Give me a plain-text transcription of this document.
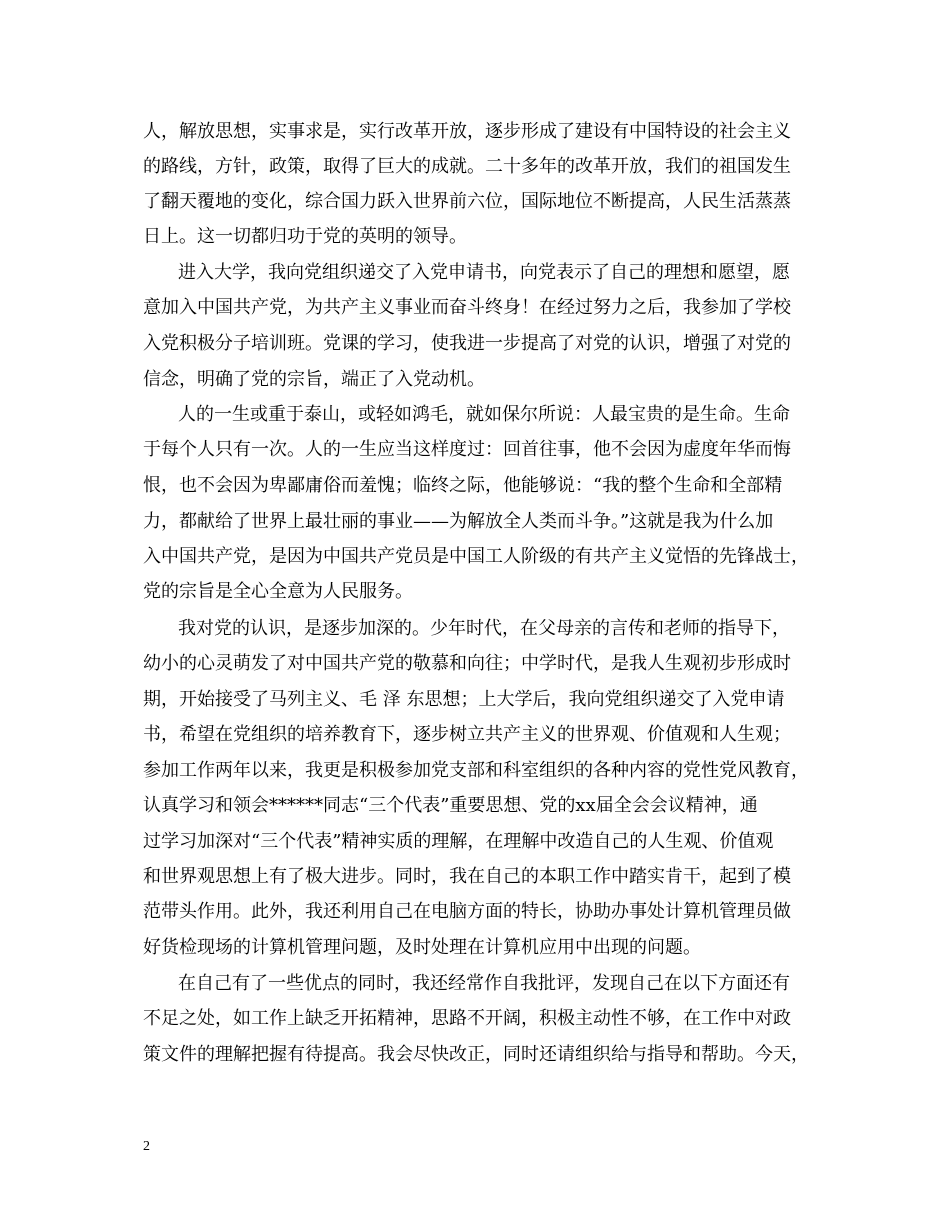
人，解放思想，实事求是，实行改革开放，逐步形成了建设有中国特设的社会主义
的路线，方针，政策，取得了巨大的成就。二十多年的改革开放，我们的祖国发生
了翻天覆地的变化，综合国力跃入世界前六位，国际地位不断提高，人民生活蒸蒸
日上。这一切都归功于党的英明的领导。
进入大学，我向党组织递交了入党申请书，向党表示了自己的理想和愿望，愿
意加入中国共产党，为共产主义事业而奋斗终身！在经过努力之后，我参加了学校
入党积极分子培训班。党课的学习，使我进一步提高了对党的认识，增强了对党的
信念，明确了党的宗旨，端正了入党动机。
人的一生或重于泰山，或轻如鸿毛，就如保尔所说：人最宝贵的是生命。生命
于每个人只有一次。人的一生应当这样度过：回首往事，他不会因为虚度年华而悔
恨，也不会因为卑鄙庸俗而羞愧；临终之际，他能够说：“我的整个生命和全部精
力，都献给了世界上最壮丽的事业——为解放全人类而斗争。”这就是我为什么加
入中国共产党，是因为中国共产党员是中国工人阶级的有共产主义觉悟的先锋战士，
党的宗旨是全心全意为人民服务。
我对党的认识，是逐步加深的。少年时代，在父母亲的言传和老师的指导下，
幼小的心灵萌发了对中国共产党的敬慕和向往；中学时代，是我人生观初步形成时
期，开始接受了马列主义、毛 泽 东思想；上大学后，我向党组织递交了入党申请
书，希望在党组织的培养教育下，逐步树立共产主义的世界观、价值观和人生观；
参加工作两年以来，我更是积极参加党支部和科室组织的各种内容的党性党风教育，
认真学习和领会******同志“三个代表”重要思想、党的xx届全会会议精神，通
过学习加深对“三个代表”精神实质的理解，在理解中改造自己的人生观、价值观
和世界观思想上有了极大进步。同时，我在自己的本职工作中踏实肯干，起到了模
范带头作用。此外，我还利用自己在电脑方面的特长，协助办事处计算机管理员做
好货检现场的计算机管理问题，及时处理在计算机应用中出现的问题。
在自己有了一些优点的同时，我还经常作自我批评，发现自己在以下方面还有
不足之处，如工作上缺乏开拓精神，思路不开阔，积极主动性不够，在工作中对政
策文件的理解把握有待提高。我会尽快改正，同时还请组织给与指导和帮助。今天，
2
